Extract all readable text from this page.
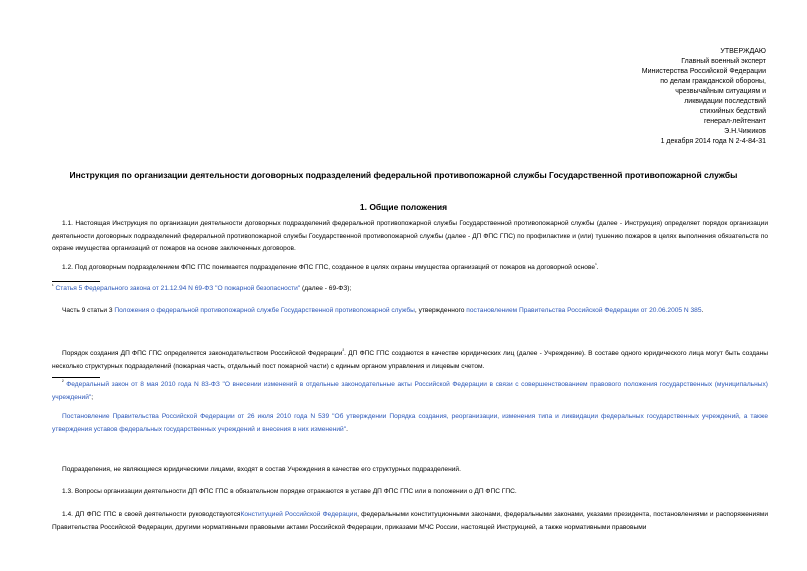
УТВЕРЖДАЮ
Главный военный эксперт
Министерства Российской Федерации
по делам гражданской обороны,
чрезвычайным ситуациям и
ликвидации последствий
стихийных бедствий
генерал-лейтенант
Э.Н.Чижиков
1 декабря 2014 года N 2-4-84-31
Инструкция по организации деятельности договорных подразделений федеральной противопожарной службы Государственной противопожарной службы
1. Общие положения
1.1. Настоящая Инструкция по организации деятельности договорных подразделений федеральной противопожарной службы Государственной противопожарной службы (далее - Инструкция) определяет порядок организации деятельности договорных подразделений федеральной противопожарной службы Государственной противопожарной службы (далее - ДП ФПС ГПС) по профилактике и (или) тушению пожаров в целях выполнения обязательств по охране имущества организаций от пожаров на основе заключенных договоров.
1.2. Под договорным подразделением ФПС ГПС понимается подразделение ФПС ГПС, созданное в целях охраны имущества организаций от пожаров на договорной основе$^{^1}$.
$^{^1}$ Статья 5 Федерального закона от 21.12.94 N 69-ФЗ "О пожарной безопасности" (далее - 69-ФЗ);
Часть 9 статьи 3 Положения о федеральной противопожарной службе Государственной противопожарной службы, утвержденного постановлением Правительства Российской Федерации от 20.06.2005 N 385.
Порядок создания ДП ФПС ГПС определяется законодательством Российской Федерации$^{^2}$. ДП ФПС ГПС создаются в качестве юридических лиц (далее - Учреждение). В составе одного юридического лица могут быть созданы несколько структурных подразделений (пожарная часть, отдельный пост пожарной части) с единым органом управления и лицевым счетом.
$^{^2}$ Федеральный закон от 8 мая 2010 года N 83-ФЗ "О внесении изменений в отдельные законодательные акты Российской Федерации в связи с совершенствованием правового положения государственных (муниципальных) учреждений";
Постановление Правительства Российской Федерации от 26 июля 2010 года N 539 "Об утверждении Порядка создания, реорганизации, изменения типа и ликвидации федеральных государственных учреждений, а также утверждения уставов федеральных государственных учреждений и внесения в них изменений".
Подразделения, не являющиеся юридическими лицами, входят в состав Учреждения в качестве его структурных подразделений.
1.3. Вопросы организации деятельности ДП ФПС ГПС в обязательном порядке отражаются в уставе ДП ФПС ГПС или в положении о ДП ФПС ГПС.
1.4. ДП ФПС ГПС в своей деятельности руководствуютсяКонституцией Российской Федерации, федеральными конституционными законами, федеральными законами, указами президента, постановлениями и распоряжениями Правительства Российской Федерации, другими нормативными правовыми актами Российской Федерации, приказами МЧС России, настоящей Инструкцией, а также нормативными правовыми
